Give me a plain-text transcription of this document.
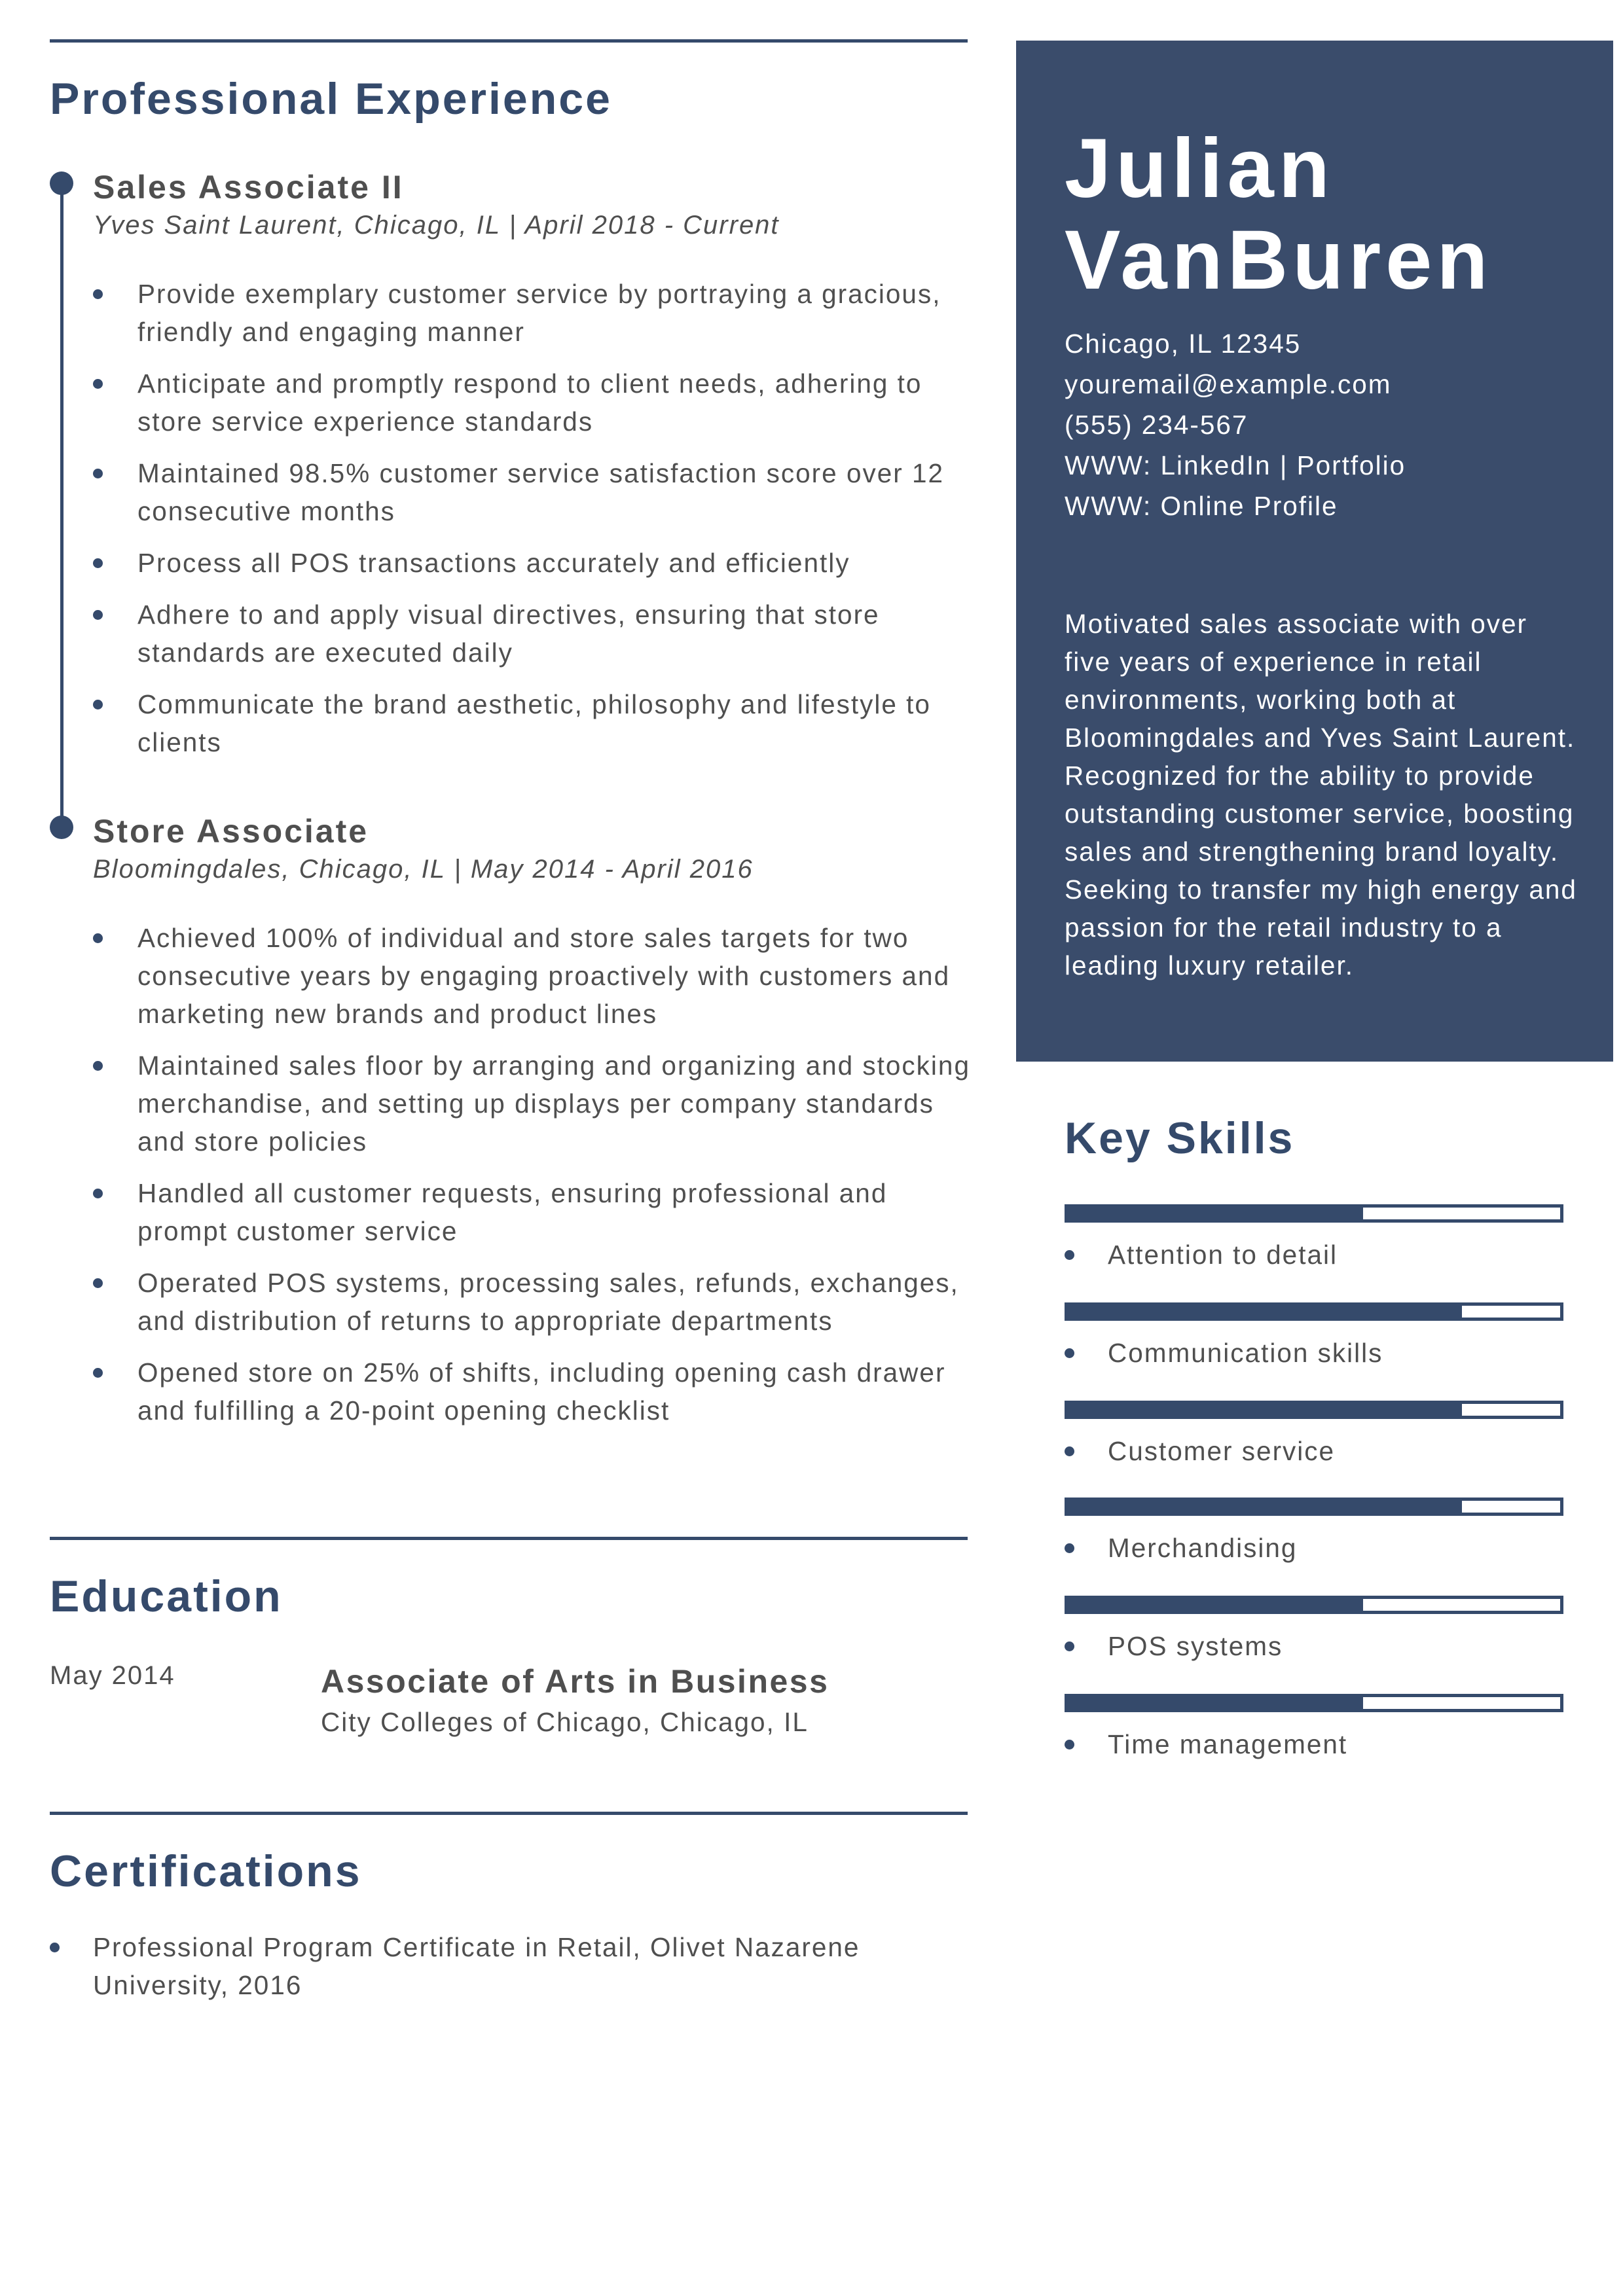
Professional Experience

Sales Associate II

Yves Saint Laurent, Chicago, IL | April 2018 - Current

Provide exemplary customer service by portraying a gracious, friendly and engaging manner
Anticipate and promptly respond to client needs, adhering to store service experience standards
Maintained 98.5% customer service satisfaction score over 12 consecutive months
Process all POS transactions accurately and efficiently
Adhere to and apply visual directives, ensuring that store standards are executed daily
Communicate the brand aesthetic, philosophy and lifestyle to clients

Store Associate

Bloomingdales, Chicago, IL | May 2014 - April 2016

Achieved 100% of individual and store sales targets for two consecutive years by engaging proactively with customers and marketing new brands and product lines
Maintained sales floor by arranging and organizing and stocking merchandise, and setting up displays per company standards and store policies
Handled all customer requests, ensuring professional and prompt customer service
Operated POS systems, processing sales, refunds, exchanges, and distribution of returns to appropriate departments
Opened store on 25% of shifts, including opening cash drawer and fulfilling a 20-point opening checklist
Education
May 2014	Associate of Arts in Business
City Colleges of Chicago, Chicago, IL
Certifications
Professional Program Certificate in Retail, Olivet Nazarene University, 2016
Julian
VanBuren
Chicago, IL 12345
youremail@example.com
(555) 234-567
WWW: LinkedIn | Portfolio
WWW: Online Profile

Motivated sales associate with over five years of experience in retail environments, working both at Bloomingdales and Yves Saint Laurent. Recognized for the ability to provide outstanding customer service, boosting sales and strengthening brand loyalty. Seeking to transfer my high energy and passion for the retail industry to a leading luxury retailer.

Key Skills
Attention to detail
Communication skills
Customer service
Merchandising
POS systems
Time management
